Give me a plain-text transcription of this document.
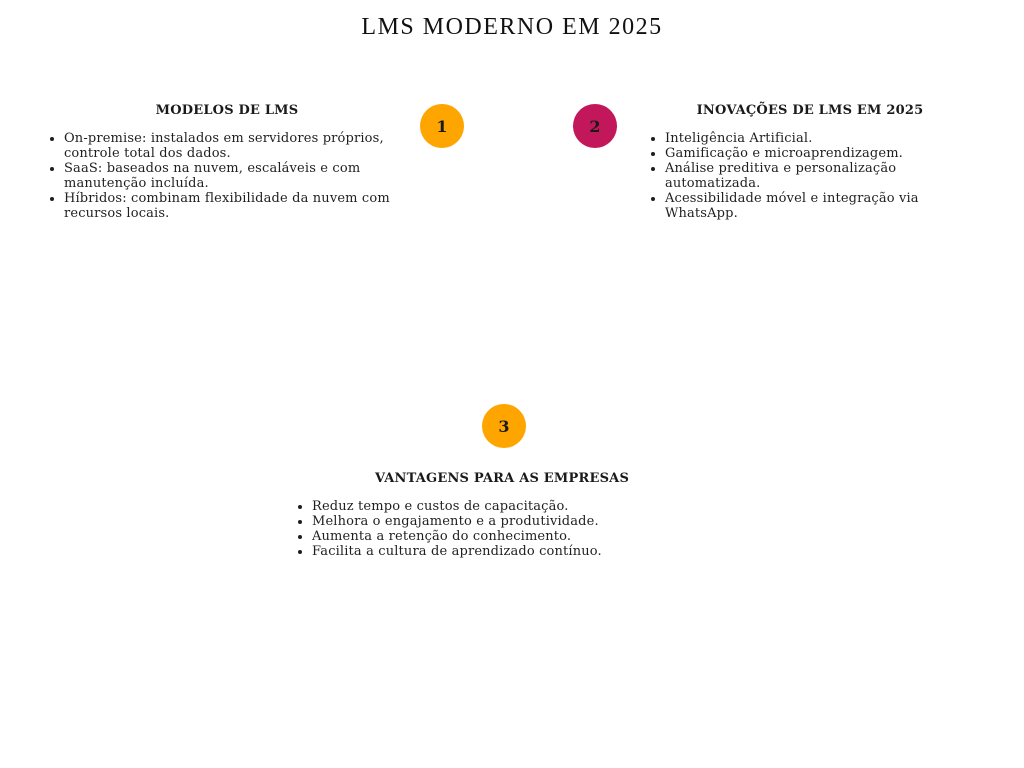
LMS MODERNO EM 2025
1	2
3
MODELOS DE LMS
• On-premise: instalados em servidores próprios, controle total dos dados.
• SaaS: baseados na nuvem, escaláveis e com manutenção incluída.
• Híbridos: combinam flexibilidade da nuvem com recursos locais.
INOVAÇÕES DE LMS EM 2025
• Inteligência Artificial.
• Gamificação e microaprendizagem.
• Análise preditiva e personalização automatizada.
• Acessibilidade móvel e integração via WhatsApp.
VANTAGENS PARA AS EMPRESAS
• Reduz tempo e custos de capacitação.
• Melhora o engajamento e a produtividade.
• Aumenta a retenção do conhecimento.
• Facilita a cultura de aprendizado contínuo.
